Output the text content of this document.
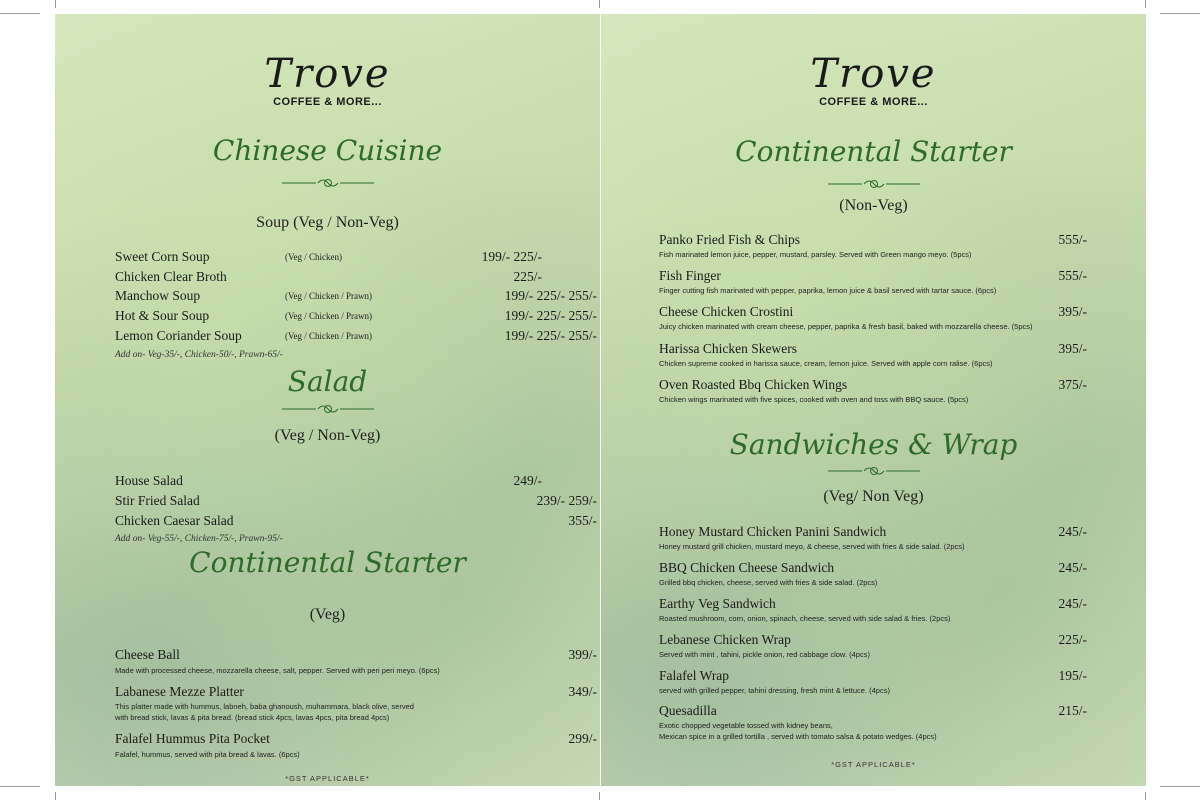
Trove
COFFEE & MORE...
Chinese Cuisine
Soup (Veg / Non-Veg)
Sweet Corn Soup	(Veg / Chicken)	199/- 225/-
Chicken Clear Broth	225/-
Manchow Soup	(Veg / Chicken / Prawn)	199/- 225/- 255/-
Hot & Sour Soup	(Veg / Chicken / Prawn)	199/- 225/- 255/-
Lemon Coriander Soup	(Veg / Chicken / Prawn)	199/- 225/- 255/-
Add on- Veg-35/-, Chicken-50/-, Prawn-65/-
Salad
(Veg / Non-Veg)
House Salad	249/-
Stir Fried Salad	239/- 259/-
Chicken Caesar Salad	355/-
Add on- Veg-55/-, Chicken-75/-, Prawn-95/-
Continental Starter
(Veg)
Cheese Ball	399/-
Made with processed cheese, mozzarella cheese, salt, pepper. Served with peri peri meyo. (6pcs)
Labanese Mezze Platter	349/-
This platter made with hummus, labneh, baba ghanoush, muhammara, black olive, served
with bread stick, lavas & pita bread. (bread stick 4pcs, lavas 4pcs, pita bread 4pcs)
Falafel Hummus Pita Pocket	299/-
Falafel, hummus, served with pita bread & lavas. (6pcs)
*GST APPLICABLE*
Trove
COFFEE & MORE...
Continental Starter
(Non-Veg)
Panko Fried Fish & Chips	555/-
Fish marinated lemon juice, pepper, mustard, parsley. Served with Green mango meyo. (5pcs)
Fish Finger	555/-
Finger cutting fish marinated with pepper, paprika, lemon juice & basil served with tartar sauce. (6pcs)
Cheese Chicken Crostini	395/-
Juicy chicken marinated with cream cheese, pepper, paprika & fresh basil, baked with mozzarella cheese. (5pcs)
Harissa Chicken Skewers	395/-
Chicken supreme cooked in harissa sauce, cream, lemon juice. Served with apple corn ralise. (6pcs)
Oven Roasted Bbq Chicken Wings	375/-
Chicken wings marinated with five spices, cooked with oven and toss with BBQ sauce. (5pcs)
Sandwiches & Wrap
(Veg/ Non Veg)
Honey Mustard Chicken Panini Sandwich	245/-
Honey mustard grill chicken, mustard meyo, & cheese, served with fries & side salad. (2pcs)
BBQ Chicken Cheese Sandwich	245/-
Grilled bbq chicken, cheese, served with fries & side salad. (2pcs)
Earthy Veg Sandwich	245/-
Roasted mushroom, corn, onion, spinach, cheese, served with side salad & fries. (2pcs)
Lebanese Chicken Wrap	225/-
Served with mint , tahini, pickle onion, red cabbage clow. (4pcs)
Falafel Wrap	195/-
served with grilled pepper, tahini dressing, fresh mint & lettuce. (4pcs)
Quesadilla	215/-
Exotic chopped vegetable tossed with kidney beans,
Mexican spice in a grilled tortilla , served with tomato salsa & potato wedges. (4pcs)
*GST APPLICABLE*
